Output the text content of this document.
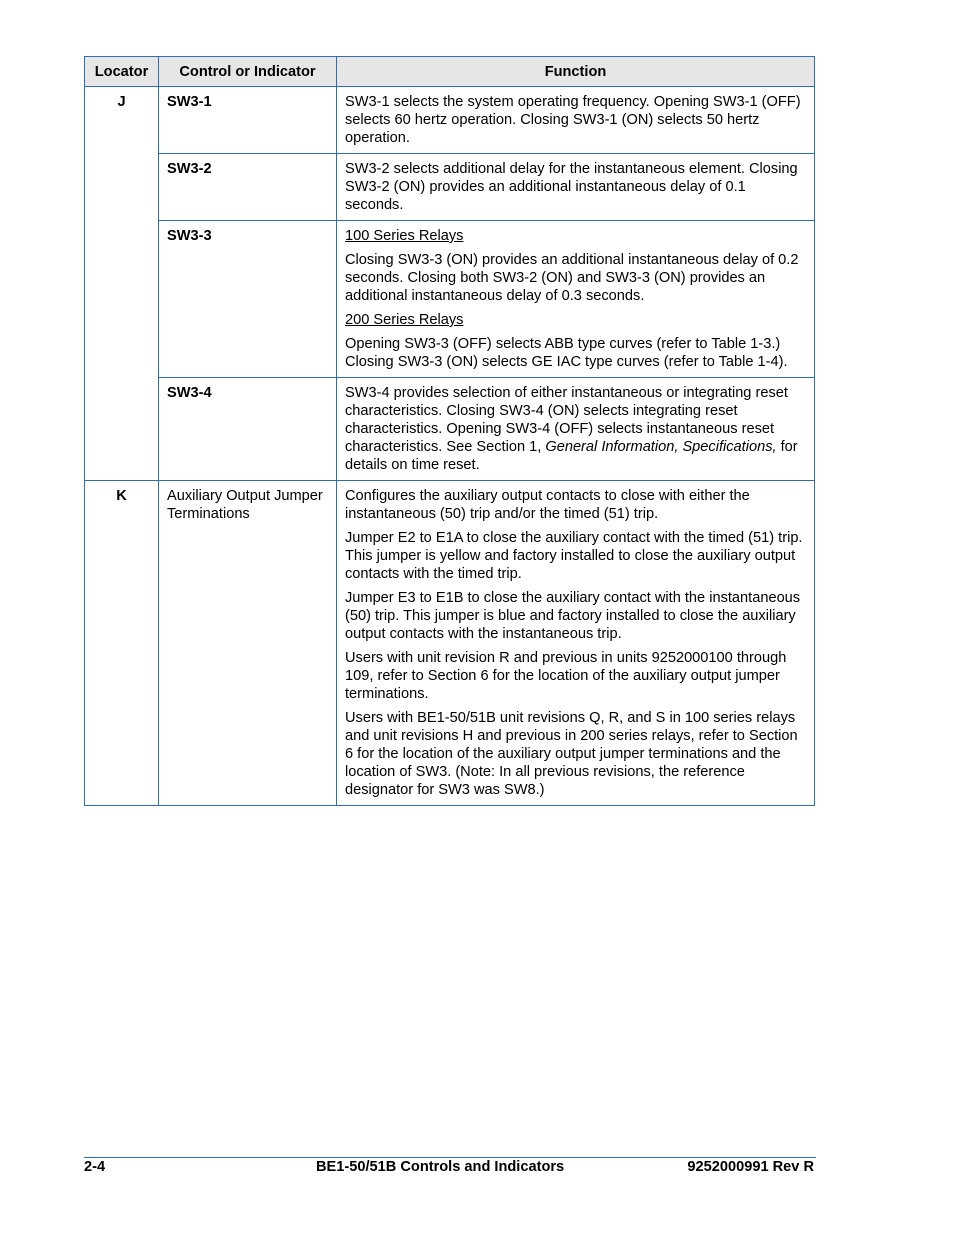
Locator	Control or Indicator	Function
J	SW3-1	SW3-1 selects the system operating frequency. Opening SW3-1 (OFF) selects 60 hertz operation. Closing SW3-1 (ON) selects 50 hertz operation.

	SW3-2	SW3-2 selects additional delay for the instantaneous element. Closing SW3-2 (ON) provides an additional instantaneous delay of 0.1 seconds.

	SW3-3	100 Series Relays
Closing SW3-3 (ON) provides an additional instantaneous delay of 0.2 seconds. Closing both SW3-2 (ON) and SW3-3 (ON) provides an additional instantaneous delay of 0.3 seconds.
200 Series Relays
Opening SW3-3 (OFF) selects ABB type curves (refer to Table 1-3.) Closing SW3-3 (ON) selects GE IAC type curves (refer to Table 1-4).

	SW3-4	SW3-4 provides selection of either instantaneous or integrating reset characteristics. Closing SW3-4 (ON) selects integrating reset characteristics. Opening SW3-4 (OFF) selects instantaneous reset characteristics. See Section 1, General Information, Specifications, for details on time reset.

K	Auxiliary Output Jumper Terminations	Configures the auxiliary output contacts to close with either the instantaneous (50) trip and/or the timed (51) trip.
Jumper E2 to E1A to close the auxiliary contact with the timed (51) trip. This jumper is yellow and factory installed to close the auxiliary output contacts with the timed trip.
Jumper E3 to E1B to close the auxiliary contact with the instantaneous (50) trip. This jumper is blue and factory installed to close the auxiliary output contacts with the instantaneous trip.
Users with unit revision R and previous in units 9252000100 through 109, refer to Section 6 for the location of the auxiliary output jumper terminations.
Users with BE1-50/51B unit revisions Q, R, and S in 100 series relays and unit revisions H and previous in 200 series relays, refer to Section 6 for the location of the auxiliary output jumper terminations and the location of SW3. (Note: In all previous revisions, the reference designator for SW3 was SW8.)
2-4	BE1-50/51B Controls and Indicators	9252000991 Rev R
